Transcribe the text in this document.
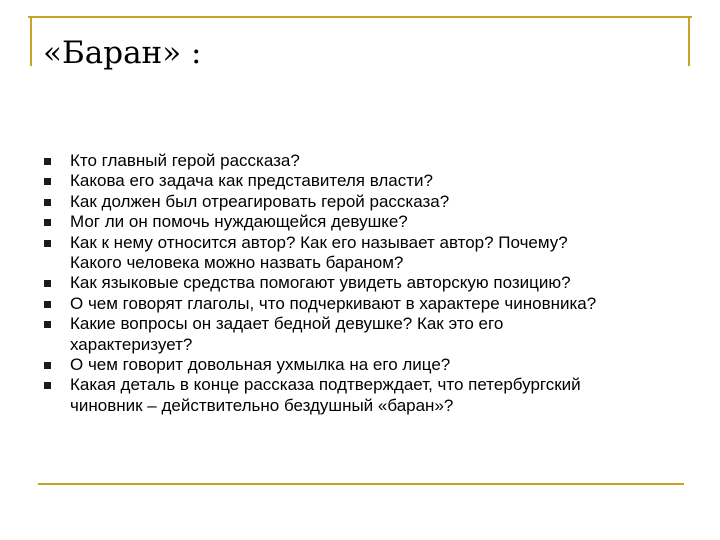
«Баран» :
Кто главный герой рассказа?
Какова его задача как представителя власти?
Как должен был отреагировать герой рассказа?
Мог ли он помочь нуждающейся девушке?
Как к нему относится автор? Как его называет автор? Почему?
Какого человека можно назвать бараном?
Как языковые средства помогают увидеть авторскую позицию?
О чем говорят глаголы, что подчеркивают в характере чиновника?
Какие вопросы он задает бедной девушке? Как это его
характеризует?
О чем говорит довольная ухмылка на его лице?
Какая деталь в конце рассказа подтверждает, что петербургский
чиновник – действительно бездушный «баран»?
